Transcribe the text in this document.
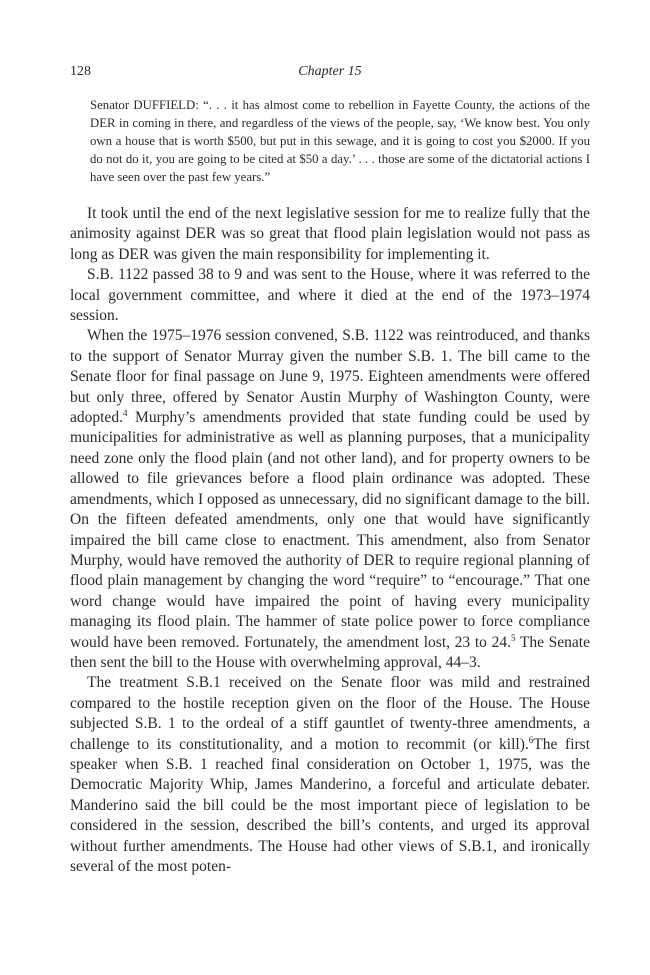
128	Chapter 15
Senator DUFFIELD: “. . . it has almost come to rebellion in Fayette County, the actions of the DER in coming in there, and regardless of the views of the people, say, ‘We know best. You only own a house that is worth $500, but put in this sewage, and it is going to cost you $2000. If you do not do it, you are going to be cited at $50 a day.’ . . . those are some of the dictatorial actions I have seen over the past few years.”

It took until the end of the next legislative session for me to realize fully that the animosity against DER was so great that flood plain legislation would not pass as long as DER was given the main responsibility for implementing it.

S.B. 1122 passed 38 to 9 and was sent to the House, where it was referred to the local government committee, and where it died at the end of the 1973–1974 session.

When the 1975–1976 session convened, S.B. 1122 was reintroduced, and thanks to the support of Senator Murray given the number S.B. 1. The bill came to the Senate floor for final passage on June 9, 1975. Eighteen amendments were offered but only three, offered by Senator Austin Murphy of Washington County, were adopted.$^4$ Murphy’s amendments provided that state funding could be used by municipalities for administrative as well as planning purposes, that a municipality need zone only the flood plain (and not other land), and for property owners to be allowed to file grievances before a flood plain ordinance was adopted. These amendments, which I opposed as unnecessary, did no significant damage to the bill. On the fifteen defeated amendments, only one that would have significantly impaired the bill came close to enactment. This amendment, also from Senator Murphy, would have removed the authority of DER to require regional planning of flood plain management by changing the word “require” to “encourage.” That one word change would have impaired the point of having every municipality managing its flood plain. The hammer of state police power to force compliance would have been removed. Fortunately, the amendment lost, 23 to 24.$^5$ The Senate then sent the bill to the House with overwhelming approval, 44–3.

The treatment S.B.1 received on the Senate floor was mild and restrained compared to the hostile reception given on the floor of the House. The House subjected S.B. 1 to the ordeal of a stiff gauntlet of twenty-three amendments, a challenge to its constitutionality, and a motion to recommit (or kill).$^6$The first speaker when S.B. 1 reached final consideration on October 1, 1975, was the Democratic Majority Whip, James Manderino, a forceful and articulate debater. Manderino said the bill could be the most important piece of legislation to be considered in the session, described the bill’s contents, and urged its approval without further amendments. The House had other views of S.B.1, and ironically several of the most poten-
